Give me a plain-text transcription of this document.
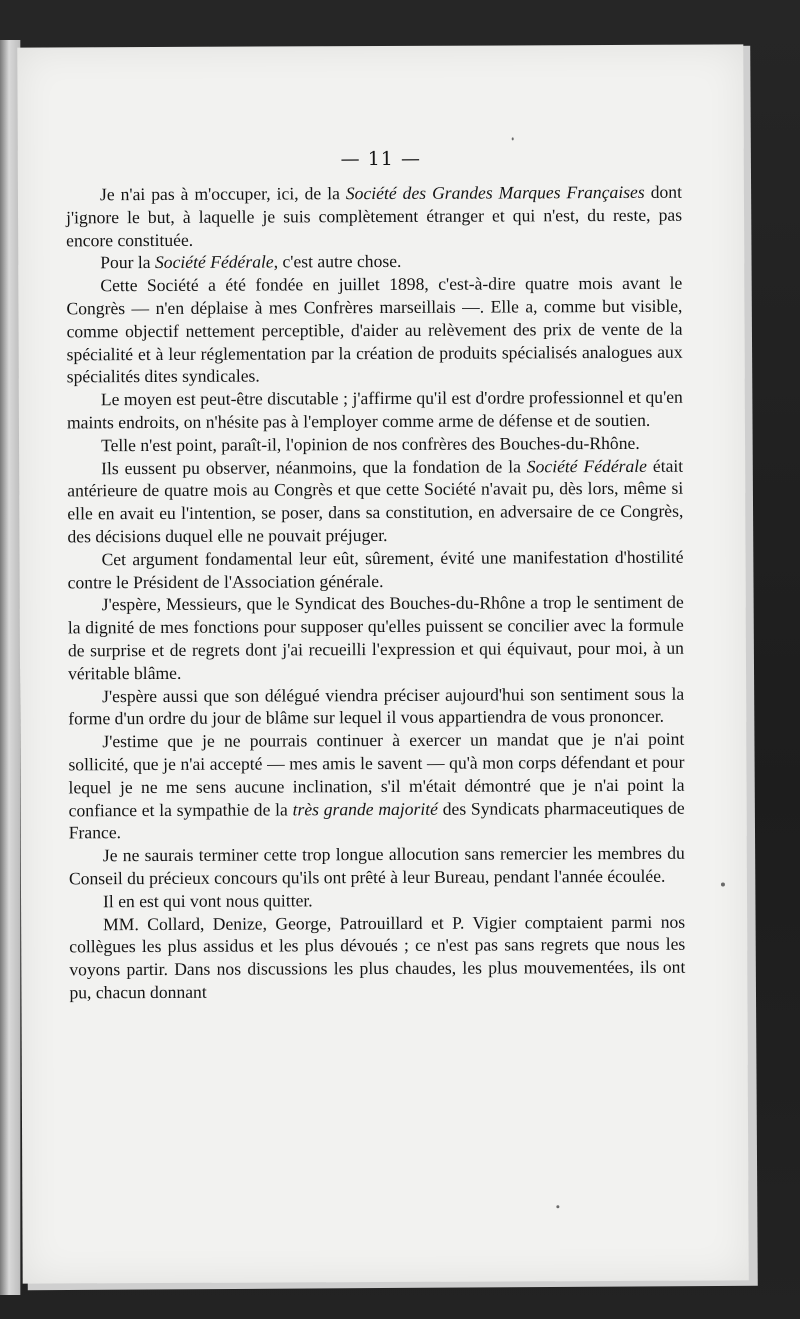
— 11 —

Je n'ai pas à m'occuper, ici, de la Société des Grandes Marques Françaises dont j'ignore le but, à laquelle je suis complètement étranger et qui n'est, du reste, pas encore constituée.

Pour la Société Fédérale, c'est autre chose.

Cette Société a été fondée en juillet 1898, c'est-à-dire quatre mois avant le Congrès — n'en déplaise à mes Confrères marseillais —. Elle a, comme but visible, comme objectif nettement perceptible, d'aider au relèvement des prix de vente de la spécialité et à leur réglementation par la création de produits spécialisés analogues aux spécialités dites syndicales.

Le moyen est peut-être discutable ; j'affirme qu'il est d'ordre professionnel et qu'en maints endroits, on n'hésite pas à l'employer comme arme de défense et de soutien.

Telle n'est point, paraît-il, l'opinion de nos confrères des Bouches-du-Rhône.

Ils eussent pu observer, néanmoins, que la fondation de la Société Fédérale était antérieure de quatre mois au Congrès et que cette Société n'avait pu, dès lors, même si elle en avait eu l'intention, se poser, dans sa constitution, en adversaire de ce Congrès, des décisions duquel elle ne pouvait préjuger.

Cet argument fondamental leur eût, sûrement, évité une manifestation d'hostilité contre le Président de l'Association générale.

J'espère, Messieurs, que le Syndicat des Bouches-du-Rhône a trop le sentiment de la dignité de mes fonctions pour supposer qu'elles puissent se concilier avec la formule de surprise et de regrets dont j'ai recueilli l'expression et qui équivaut, pour moi, à un véritable blâme.

J'espère aussi que son délégué viendra préciser aujourd'hui son sentiment sous la forme d'un ordre du jour de blâme sur lequel il vous appartiendra de vous prononcer.

J'estime que je ne pourrais continuer à exercer un mandat que je n'ai point sollicité, que je n'ai accepté — mes amis le savent — qu'à mon corps défendant et pour lequel je ne me sens aucune inclination, s'il m'était démontré que je n'ai point la confiance et la sympathie de la très grande majorité des Syndicats pharmaceutiques de France.

Je ne saurais terminer cette trop longue allocution sans remercier les membres du Conseil du précieux concours qu'ils ont prêté à leur Bureau, pendant l'année écoulée.

Il en est qui vont nous quitter.

MM. Collard, Denize, George, Patrouillard et P. Vigier comptaient parmi nos collègues les plus assidus et les plus dévoués ; ce n'est pas sans regrets que nous les voyons partir. Dans nos discussions les plus chaudes, les plus mouvementées, ils ont pu, chacun donnant
